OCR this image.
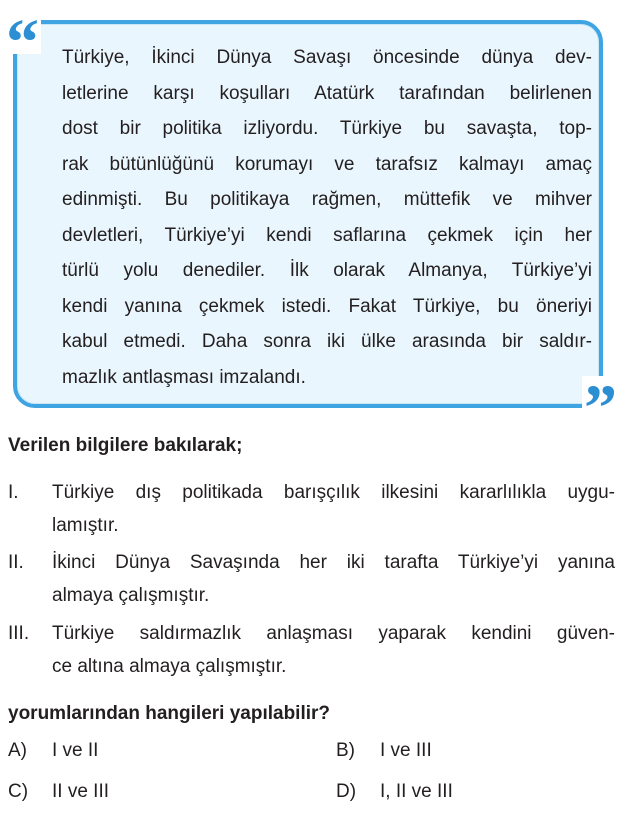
“
”
Türkiye, İkinci Dünya Savaşı öncesinde dünya dev-
letlerine karşı koşulları Atatürk tarafından belirlenen
dost bir politika izliyordu. Türkiye bu savaşta, top-
rak bütünlüğünü korumayı ve tarafsız kalmayı amaç
edinmişti. Bu politikaya rağmen, müttefik ve mihver
devletleri, Türkiye’yi kendi saflarına çekmek için her
türlü yolu denediler. İlk olarak Almanya, Türkiye’yi
kendi yanına çekmek istedi. Fakat Türkiye, bu öneriyi
kabul etmedi. Daha sonra iki ülke arasında bir saldır-
mazlık antlaşması imzalandı.
Verilen bilgilere bakılarak;
I. Türkiye dış politikada barışçılık ilkesini kararlılıkla uygu-
lamıştır.
II. İkinci Dünya Savaşında her iki tarafta Türkiye’yi yanına
almaya çalışmıştır.
III. Türkiye saldırmazlık anlaşması yaparak kendini güven-
ce altına almaya çalışmıştır.
yorumlarından hangileri yapılabilir?
A) I ve II	B) I ve III
C) II ve III	D) I, II ve III
